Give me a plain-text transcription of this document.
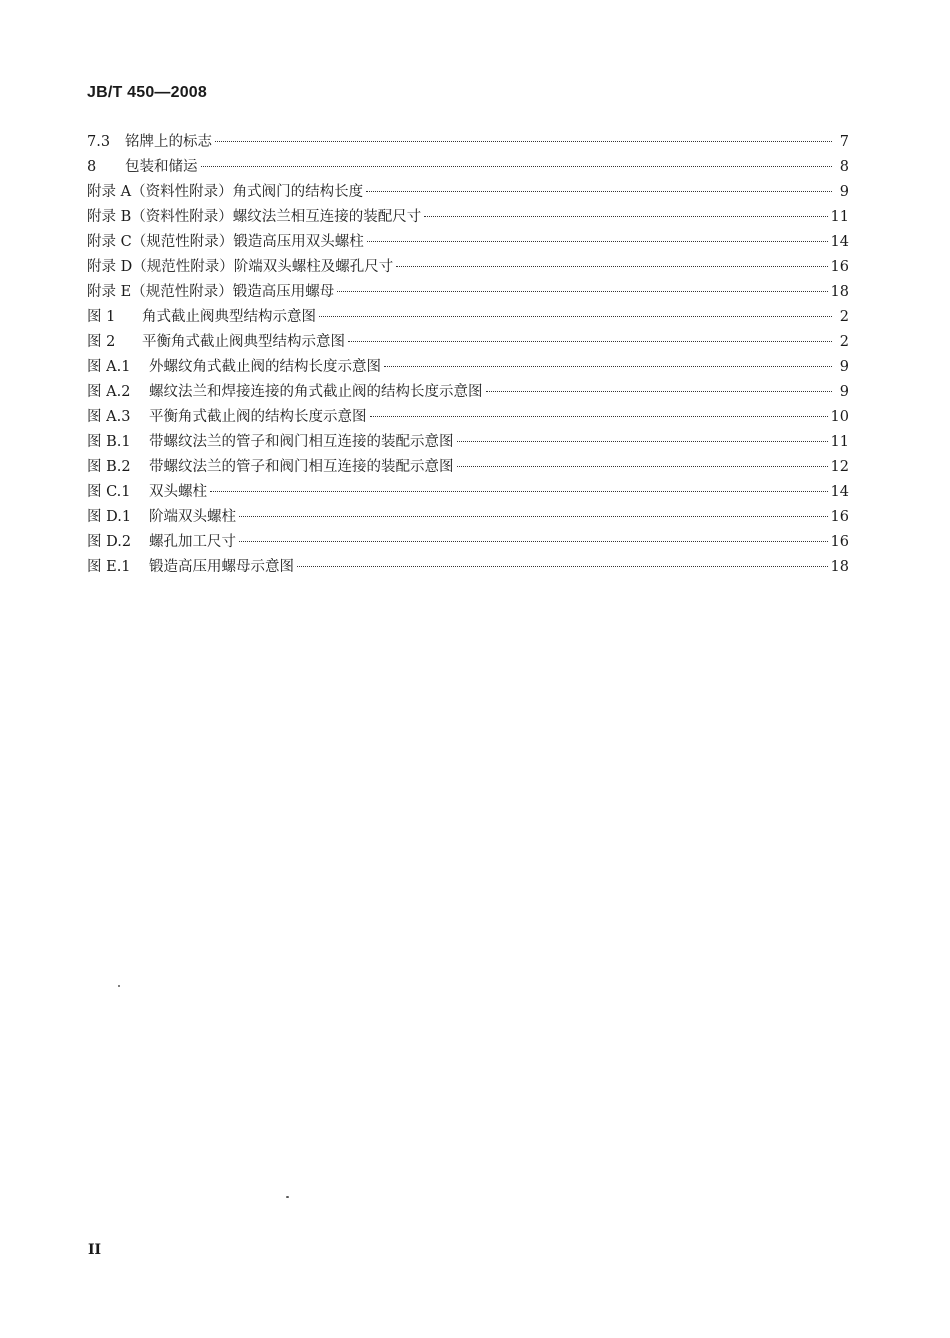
JB/T 450—2008
7.3	铭牌上的标志	7
8	包装和储运	8
附录 A （资料性附录）角式阀门的结构长度	9
附录 B （资料性附录）螺纹法兰相互连接的装配尺寸	11
附录 C （规范性附录）锻造高压用双头螺柱	14
附录 D （规范性附录）阶端双头螺柱及螺孔尺寸	16
附录 E （规范性附录）锻造高压用螺母	18
图 1	角式截止阀典型结构示意图	2
图 2	平衡角式截止阀典型结构示意图	2
图 A.1	外螺纹角式截止阀的结构长度示意图	9
图 A.2	螺纹法兰和焊接连接的角式截止阀的结构长度示意图	9
图 A.3	平衡角式截止阀的结构长度示意图	10
图 B.1	带螺纹法兰的管子和阀门相互连接的装配示意图	11
图 B.2	带螺纹法兰的管子和阀门相互连接的装配示意图	12
图 C.1	双头螺柱	14
图 D.1	阶端双头螺柱	16
图 D.2	螺孔加工尺寸	16
图 E.1	锻造高压用螺母示意图	18
II
